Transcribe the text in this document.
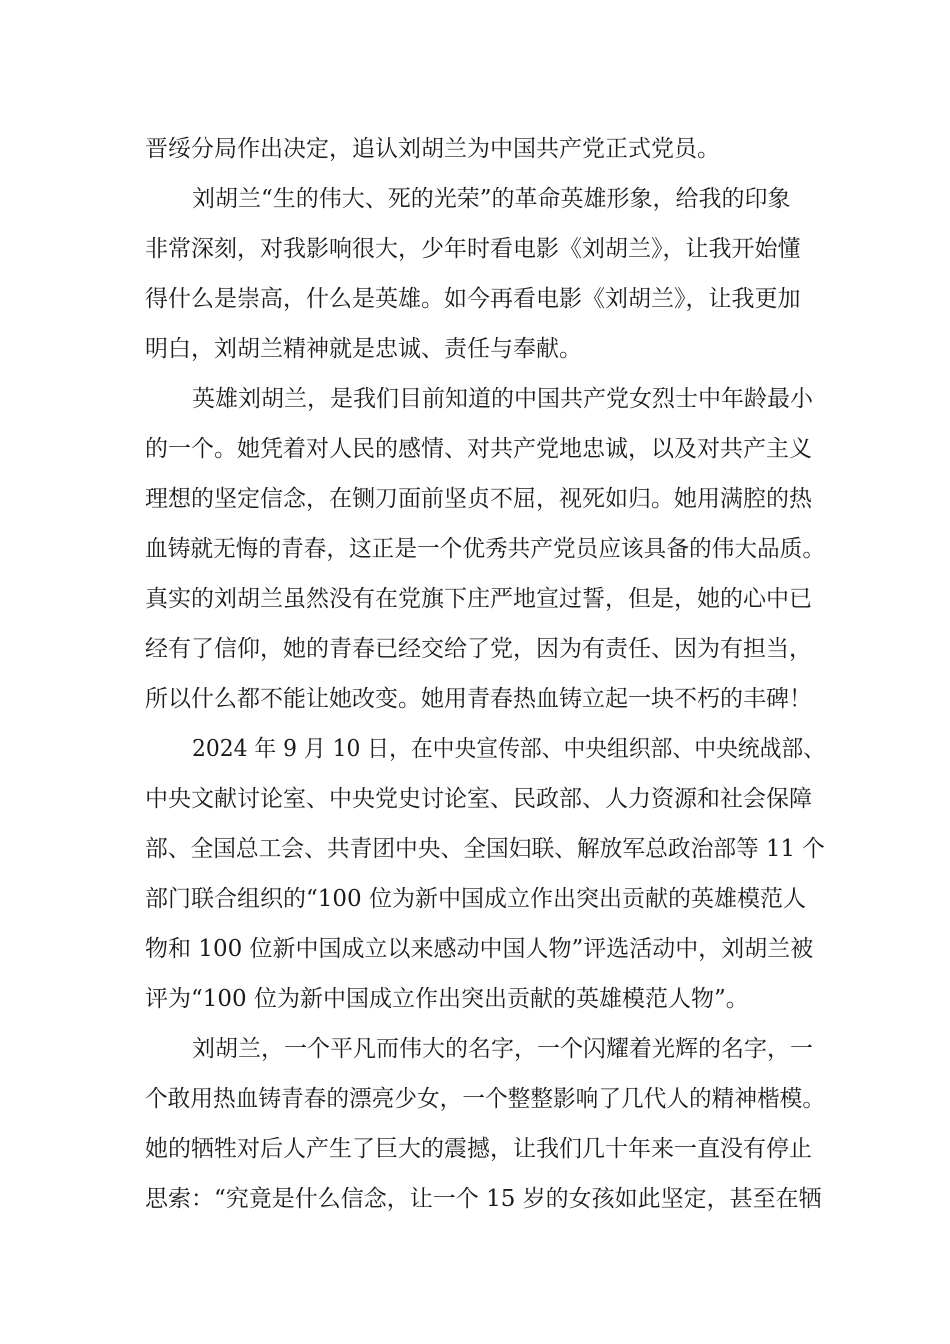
晋绥分局作出决定，追认刘胡兰为中国共产党正式党员。
刘胡兰“生的伟大、死的光荣”的革命英雄形象，给我的印象
非常深刻，对我影响很大，少年时看电影《刘胡兰》，让我开始懂
得什么是崇高，什么是英雄。如今再看电影《刘胡兰》，让我更加
明白，刘胡兰精神就是忠诚、责任与奉献。
英雄刘胡兰，是我们目前知道的中国共产党女烈士中年龄最小
的一个。她凭着对人民的感情、对共产党地忠诚，以及对共产主义
理想的坚定信念，在铡刀面前坚贞不屈，视死如归。她用满腔的热
血铸就无悔的青春，这正是一个优秀共产党员应该具备的伟大品质。
真实的刘胡兰虽然没有在党旗下庄严地宣过誓，但是，她的心中已
经有了信仰，她的青春已经交给了党，因为有责任、因为有担当，
所以什么都不能让她改变。她用青春热血铸立起一块不朽的丰碑！
2024 年 9 月 10 日，在中央宣传部、中央组织部、中央统战部、
中央文献讨论室、中央党史讨论室、民政部、人力资源和社会保障
部、全国总工会、共青团中央、全国妇联、解放军总政治部等 11 个
部门联合组织的“100 位为新中国成立作出突出贡献的英雄模范人
物和 100 位新中国成立以来感动中国人物”评选活动中，刘胡兰被
评为“100 位为新中国成立作出突出贡献的英雄模范人物”。
刘胡兰，一个平凡而伟大的名字，一个闪耀着光辉的名字，一
个敢用热血铸青春的漂亮少女，一个整整影响了几代人的精神楷模。
她的牺牲对后人产生了巨大的震撼，让我们几十年来一直没有停止
思索：“究竟是什么信念，让一个 15 岁的女孩如此坚定，甚至在牺
